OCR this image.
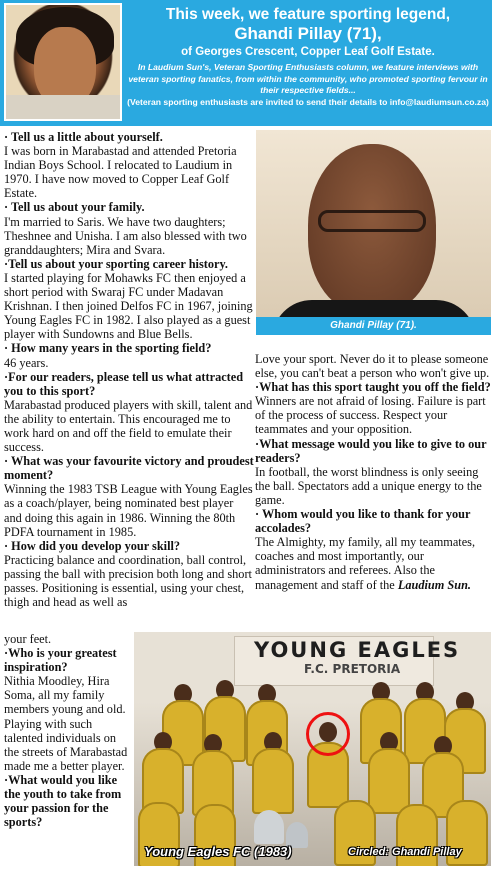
This week, we feature sporting legend,
Ghandi Pillay (71),
of Georges Crescent, Copper Leaf Golf Estate.
In Laudium Sun's, Veteran Sporting Enthusiasts column, we feature interviews with veteran sporting fanatics, from within the community, who promoted sporting fervour in their respective fields...
(Veteran sporting enthusiasts are invited to send their details to info@laudiumsun.co.za)

· Tell us a little about yourself.
I was born in Marabastad and attended Pretoria Indian Boys School. I relocated to Laudium in 1970. I have now moved to Copper Leaf Golf Estate.

· Tell us about your family.
I'm married to Saris. We have two daughters; Theshnee and Unisha. I am also blessed with two granddaughters; Mira and Svara.

·Tell us about your sporting career history.
I started playing for Mohawks FC then enjoyed a short period with Swaraj FC under Madavan Krishnan. I then joined Delfos FC in 1967, joining Young Eagles FC in 1982. I also played as a guest player with Sundowns and Blue Bells.

· How many years in the sporting field?
46 years.

·For our readers, please tell us what attracted you to this sport?
Marabastad produced players with skill, talent and the ability to entertain. This encouraged me to work hard on and off the field to emulate their success.

· What was your favourite victory and proudest moment?
Winning the 1983 TSB League with Young Eagles as a coach/player, being nominated best player and doing this again in 1986. Winning the 80th PDFA tournament in 1985.

· How did you develop your skill?
Practicing balance and coordination, ball control, passing the ball with precision both long and short passes. Positioning is essential, using your chest, thigh and head as well as

Ghandi Pillay (71).

Love your sport. Never do it to please someone else, you can't beat a person who won't give up.

·What has this sport taught you off the field?
Winners are not afraid of losing. Failure is part of the process of success. Respect your teammates and your opposition.

·What message would you like to give to our readers?
In football, the worst blindness is only seeing the ball. Spectators add a unique energy to the game.

· Whom would you like to thank for your accolades?
The Almighty, my family, all my teammates, coaches and most importantly, our administrators and referees. Also the management and staff of the Laudium Sun.

your feet.

·Who is your greatest inspiration?
Nithia Moodley, Hira Soma, all my family members young and old. Playing with such talented individuals on the streets of Marabastad made me a better player.

·What would you like the youth to take from your passion for the sports?

YOUNG EAGLES
F.C. PRETORIA
Young Eagles FC (1983)	Circled: Ghandi Pillay
